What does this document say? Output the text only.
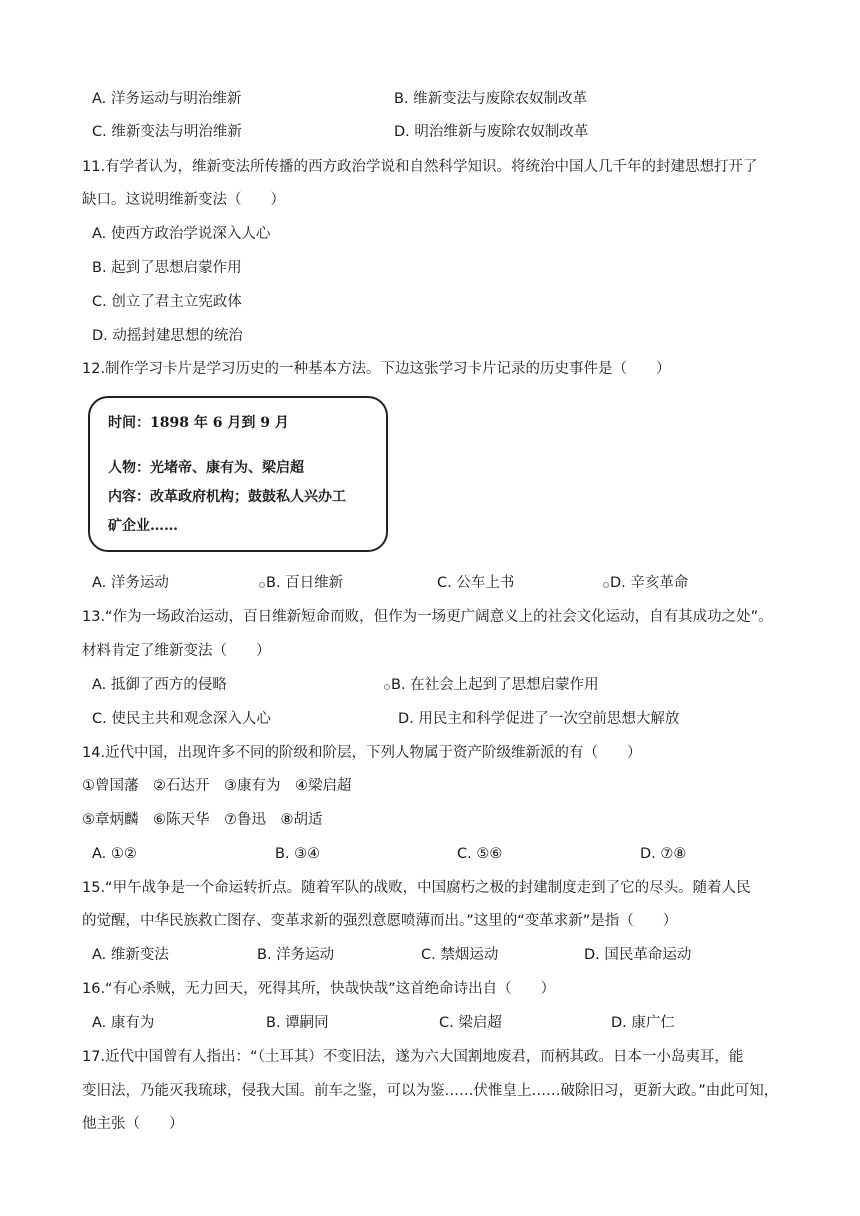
A. 洋务运动与明治维新	B. 维新变法与废除农奴制改革
C. 维新变法与明治维新	D. 明治维新与废除农奴制改革
11.有学者认为，维新变法所传播的西方政治学说和自然科学知识。将统治中国人几千年的封建思想打开了
缺口。这说明维新变法（　　）
A. 使西方政治学说深入人心
B. 起到了思想启蒙作用
C. 创立了君主立宪政体
D. 动摇封建思想的统治
12.制作学习卡片是学习历史的一种基本方法。下边这张学习卡片记录的历史事件是（　　）
时间：1898 年 6 月到 9 月
人物：光堵帝、康有为、梁启超
内容：改革政府机构；鼓鼓私人兴办工
矿企业……
A. 洋务运动	B. 百日维新	C. 公车上书	D. 辛亥革命
13.“作为一场政治运动，百日维新短命而败，但作为一场更广阔意义上的社会文化运动，自有其成功之处”。
材料肯定了维新变法（　　）
A. 抵御了西方的侵略	B. 在社会上起到了思想启蒙作用
C. 使民主共和观念深入人心	D. 用民主和科学促进了一次空前思想大解放
14.近代中国，出现许多不同的阶级和阶层，下列人物属于资产阶级维新派的有（　　）
①曾国藩　②石达开　③康有为　④梁启超
⑤章炳麟　⑥陈天华　⑦鲁迅　⑧胡适
A. ①②	B. ③④	C. ⑤⑥	D. ⑦⑧
15.“甲午战争是一个命运转折点。随着军队的战败，中国腐朽之极的封建制度走到了它的尽头。随着人民
的觉醒，中华民族救亡图存、变革求新的强烈意愿喷薄而出。”这里的“变革求新”是指（　　）
A. 维新变法	B. 洋务运动	C. 禁烟运动	D. 国民革命运动
16.“有心杀贼，无力回天，死得其所，快哉快哉”这首绝命诗出自（　　）
A. 康有为	B. 谭嗣同	C. 梁启超	D. 康广仁
17.近代中国曾有人指出：“（土耳其）不变旧法，遂为六大国割地废君，而柄其政。日本一小岛夷耳，能
变旧法，乃能灭我琉球，侵我大国。前车之鉴，可以为鉴……伏惟皇上……破除旧习，更新大政。”由此可知，
他主张（　　）
